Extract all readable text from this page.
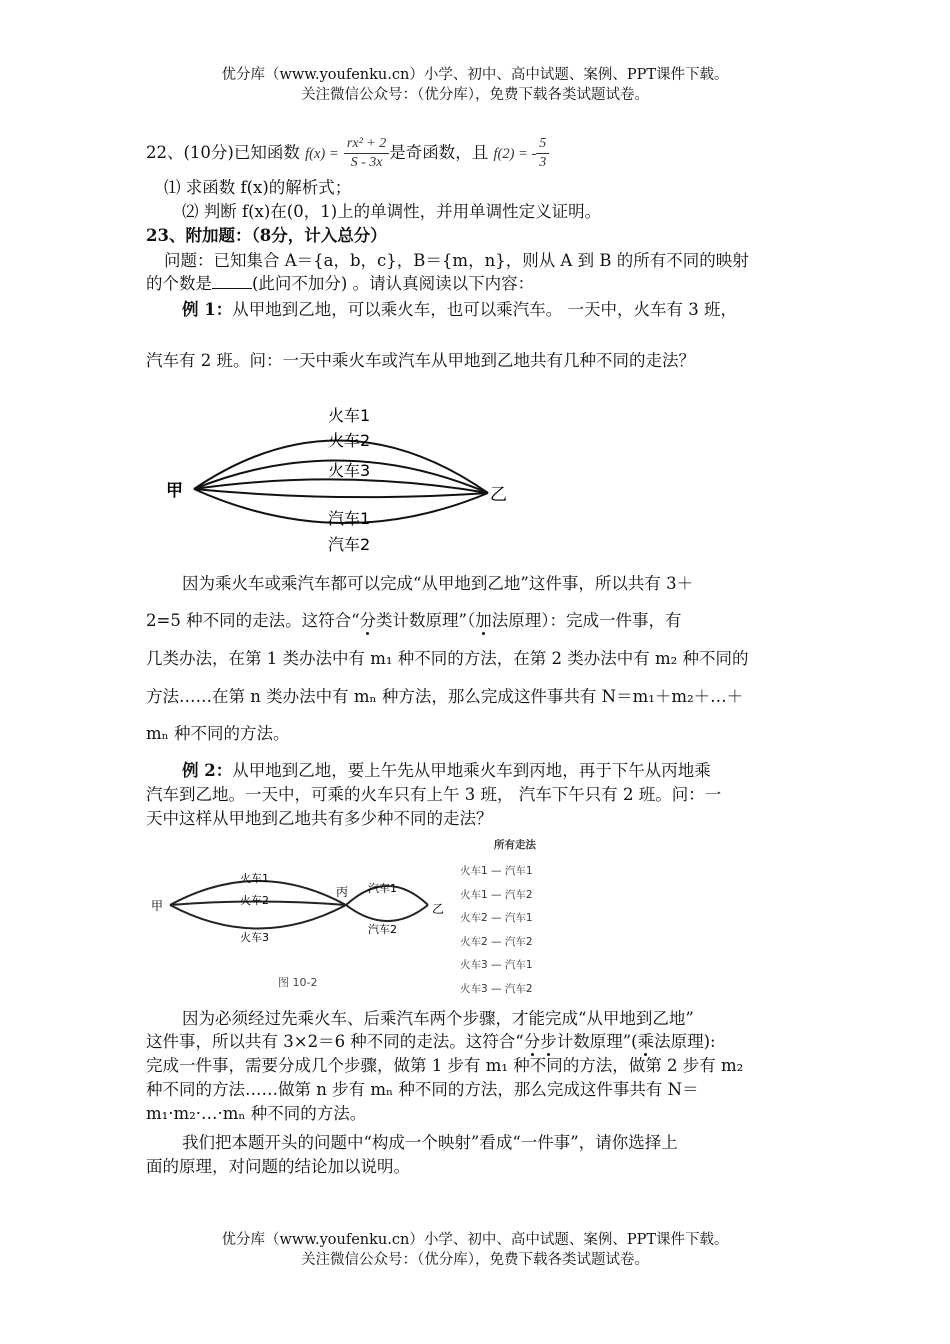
优分库（www.youfenku.cn）小学、初中、高中试题、案例、PPT课件下载。
关注微信公众号：（优分库），免费下载各类试题试卷。
22、(10分)已知函数 $f(x) = \frac{\text{rx² + 2}}{S - 3x}$ 是奇函数，且 f(2) = - $\frac{5}{3}$
⑴ 求函数 f(x)的解析式；
⑵ 判断 f(x)在(0，1)上的单调性，并用单调性定义证明。
23、附加题：（8分，计入总分）
问题：已知集合 A＝{a，b，c}，B＝{m，n}，则从 A 到 B 的所有不同的映射
的个数是 (此问不加分) 。请认真阅读以下内容：
例 1：从甲地到乙地，可以乘火车，也可以乘汽车。 一天中，火车有 3 班，
汽车有 2 班。问：一天中乘火车或汽车从甲地到乙地共有几种不同的走法？
甲	乙
火车1
火车2
火车3
汽车1
汽车2
因为乘火车或乘汽车都可以完成“从甲地到乙地”这件事，所以共有 3＋
2=5 种不同的走法。这符合“分类计数原理”（加法原理）：完成一件事，有
几类办法，在第 1 类办法中有 m₁ 种不同的方法，在第 2 类办法中有 m₂ 种不同的
方法……在第 n 类办法中有 mₙ 种方法，那么完成这件事共有 N＝m₁＋m₂＋…＋
mₙ 种不同的方法。
例 2：从甲地到乙地，要上午先从甲地乘火车到丙地，再于下午从丙地乘
汽车到乙地。一天中，可乘的火车只有上午 3 班， 汽车下午只有 2 班。问：一
天中这样从甲地到乙地共有多少种不同的走法？
甲
丙
乙
火车1
火车2
火车3
汽车1
汽车2
图 10-2
所有走法
火车1 — 汽车1
火车1 — 汽车2
火车2 — 汽车1
火车2 — 汽车2
火车3 — 汽车1
火车3 — 汽车2
因为必须经过先乘火车、后乘汽车两个步骤，才能完成“从甲地到乙地”
这件事，所以共有 3×2＝6 种不同的走法。这符合“分步计数原理”(乘法原理):
完成一件事，需要分成几个步骤，做第 1 步有 m₁ 种不同的方法，做第 2 步有 m₂
种不同的方法……做第 n 步有 mₙ 种不同的方法，那么完成这件事共有 N＝
m₁·m₂·…·mₙ 种不同的方法。
我们把本题开头的问题中“构成一个映射”看成“一件事”，请你选择上
面的原理，对问题的结论加以说明。
优分库（www.youfenku.cn）小学、初中、高中试题、案例、PPT课件下载。
关注微信公众号：（优分库），免费下载各类试题试卷。
